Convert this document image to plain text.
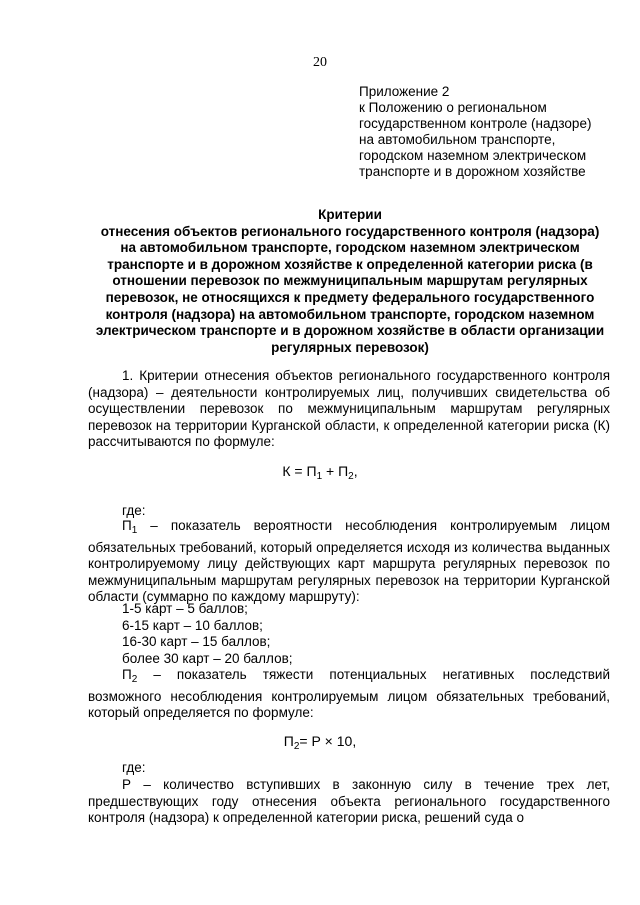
20
Приложение 2
к Положению о региональном
государственном контроле (надзоре)
на автомобильном транспорте,
городском наземном электрическом
транспорте и в дорожном хозяйстве
Критерии
отнесения объектов регионального государственного контроля (надзора)
на автомобильном транспорте, городском наземном электрическом
транспорте и в дорожном хозяйстве к определенной категории риска (в
отношении перевозок по межмуниципальным маршрутам регулярных
перевозок, не относящихся к предмету федерального государственного
контроля (надзора) на автомобильном транспорте, городском наземном
электрическом транспорте и в дорожном хозяйстве в области организации
регулярных перевозок)
1. Критерии отнесения объектов регионального государственного контроля (надзора) – деятельности контролируемых лиц, получивших свидетельства об осуществлении перевозок по межмуниципальным маршрутам регулярных перевозок на территории Курганской области, к определенной категории риска (К) рассчитываются по формуле:
$К = П_1 + П_2$,
где:
$П_1$ – показатель вероятности несоблюдения контролируемым лицом обязательных требований, который определяется исходя из количества выданных контролируемому лицу действующих карт маршрута регулярных перевозок по межмуниципальным маршрутам регулярных перевозок на территории Курганской области (суммарно по каждому маршруту):
1-5 карт – 5 баллов;
6-15 карт – 10 баллов;
16-30 карт – 15 баллов;
более 30 карт – 20 баллов;
$П_2$ – показатель тяжести потенциальных негативных последствий возможного несоблюдения контролируемым лицом обязательных требований, который определяется по формуле:
$П_2= Р \times 10$,
где:
Р – количество вступивших в законную силу в течение трех лет, предшествующих году отнесения объекта регионального государственного контроля (надзора) к определенной категории риска, решений суда о
